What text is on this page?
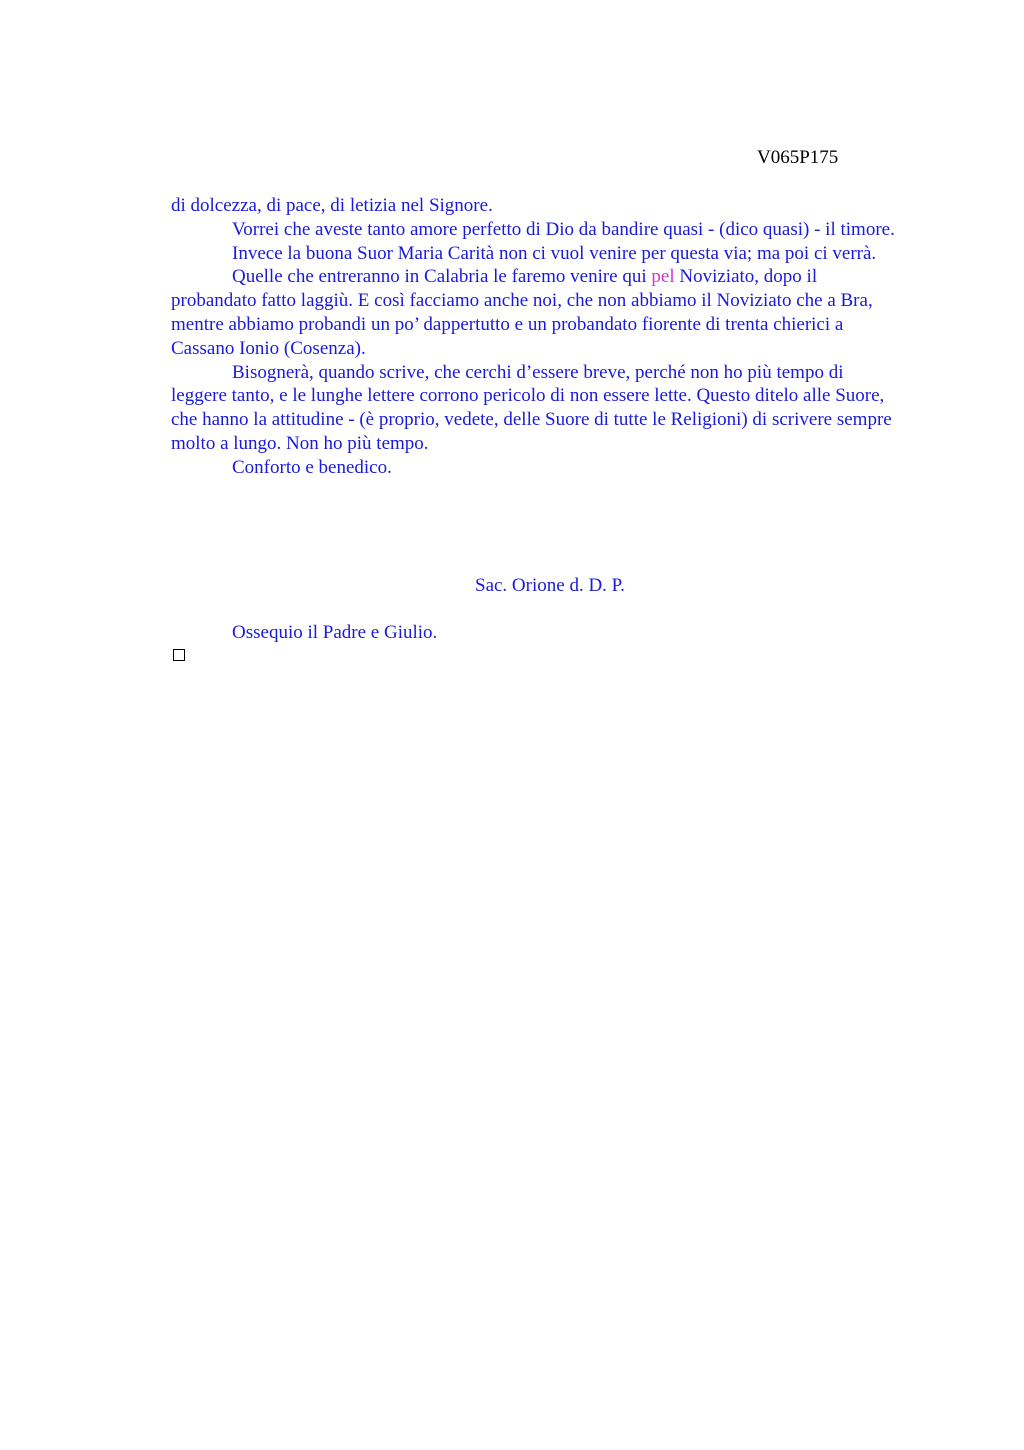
V065P175

di dolcezza, di pace, di letizia nel Signore.

Vorrei che aveste tanto amore perfetto di Dio da bandire quasi - (dico quasi) - il timore.

Invece la buona Suor Maria Carità non ci vuol venire per questa via; ma poi ci verrà.

Quelle che entreranno in Calabria le faremo venire qui pel Noviziato, dopo il probandato fatto laggiù. E così facciamo anche noi, che non abbiamo il Noviziato che a Bra, mentre abbiamo probandi un po’ dappertutto e un probandato fiorente di trenta chierici a Cassano Ionio (Cosenza).

Bisognerà, quando scrive, che cerchi d’essere breve, perché non ho più tempo di leggere tanto, e le lunghe lettere corrono pericolo di non essere lette. Questo ditelo alle Suore, che hanno la attitudine - (è proprio, vedete, delle Suore di tutte le Religioni) di scrivere sempre molto a lungo. Non ho più tempo.

Conforto e benedico.

Sac. Orione d. D. P.
Ossequio il Padre e Giulio.
